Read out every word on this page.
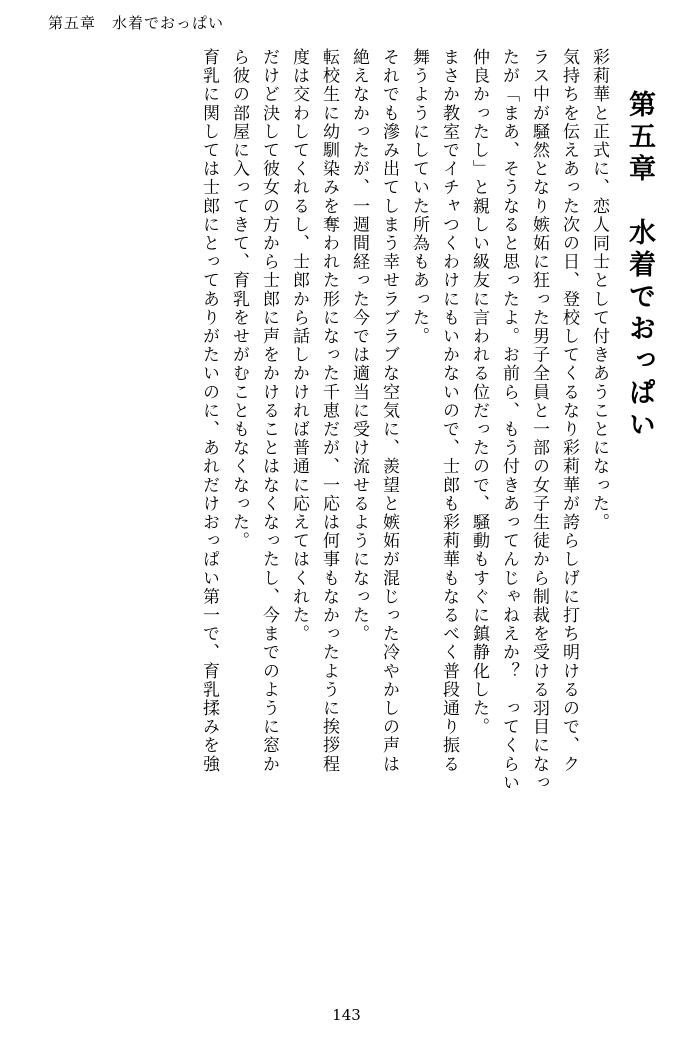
第五章　水着でおっぱい
第五章　水着でおっぱい
彩莉華と正式に、恋人同士として付きあうことになった。
気持ちを伝えあった次の日、登校してくるなり彩莉華が誇らしげに打ち明けるので、ク
ラス中が騒然となり嫉妬に狂った男子全員と一部の女子生徒から制裁を受ける羽目になっ
たが「まあ、そうなると思ったよ。お前ら、もう付きあってんじゃねえか？　ってくらい
仲良かったし」と親しい級友に言われる位だったので、騒動もすぐに鎮静化した。
まさか教室でイチャつくわけにもいかないので、士郎も彩莉華もなるべく普段通り振る
舞うようにしていた所為もあった。
それでも滲み出てしまう幸せラブラブな空気に、羨望と嫉妬が混じった冷やかしの声は
絶えなかったが、一週間経った今では適当に受け流せるようになった。
転校生に幼馴染みを奪われた形になった千恵だが、一応は何事もなかったように挨拶程
度は交わしてくれるし、士郎から話しかければ普通に応えてはくれた。
だけど決して彼女の方から士郎に声をかけることはなくなったし、今までのように窓か
ら彼の部屋に入ってきて、育乳をせがむこともなくなった。
育乳に関しては士郎にとってありがたいのに、あれだけおっぱい第一で、育乳揉みを強
143
